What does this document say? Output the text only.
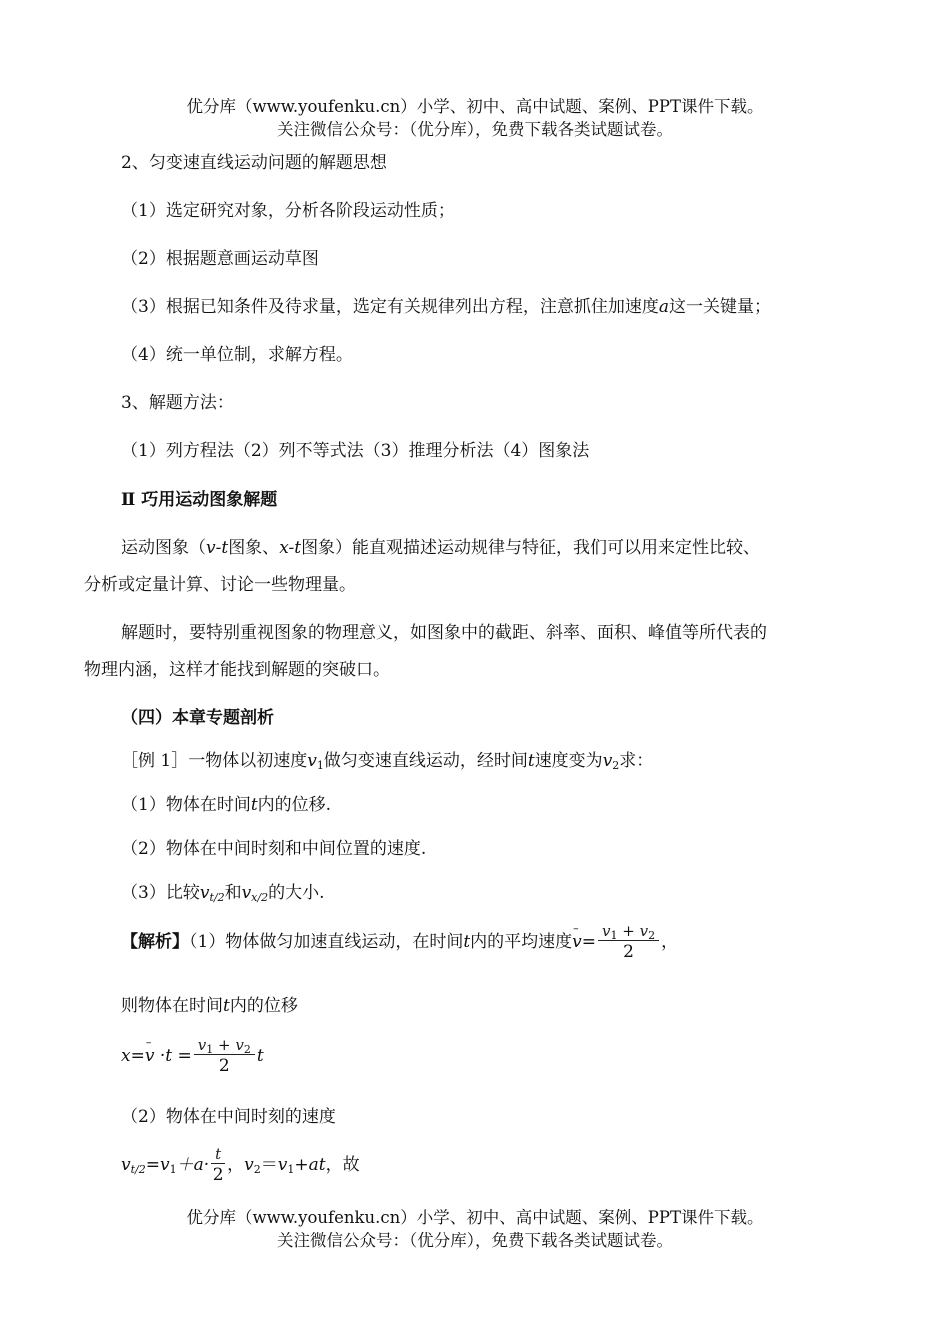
优分库（www.youfenku.cn）小学、初中、高中试题、案例、PPT课件下载。
关注微信公众号：（优分库），免费下载各类试题试卷。
2、匀变速直线运动问题的解题思想
（1）选定研究对象，分析各阶段运动性质；
（2）根据题意画运动草图
（3）根据已知条件及待求量，选定有关规律列出方程，注意抓住加速度a这一关键量；
（4）统一单位制，求解方程。
3、解题方法：
（1）列方程法（2）列不等式法（3）推理分析法（4）图象法
Ⅱ 巧用运动图象解题
运动图象（v-t图象、x-t图象）能直观描述运动规律与特征，我们可以用来定性比较、
分析或定量计算、讨论一些物理量。
解题时，要特别重视图象的物理意义，如图象中的截距、斜率、面积、峰值等所代表的
物理内涵，这样才能找到解题的突破口。
（四）本章专题剖析
［例 1］一物体以初速度$v_1$做匀变速直线运动，经时间t速度变为$v_2$求：
（1）物体在时间t内的位移.
（2）物体在中间时刻和中间位置的速度.
（3）比较$v_{t/2}$和$v_{x/2}$的大小.
【解析】（1）物体做匀加速直线运动，在时间t内的平均速度– $v= \frac{v_1 + v_2}{2}$ ，
则物体在时间t内的位移
x=– $v \cdot t = \frac{v_1 + v_2}{2}$ t
（2）物体在中间时刻的速度
$v_{t/2}=v_1+a\cdot \frac{t}{2}$ ，$v_2=v_1+at$，故
优分库（www.youfenku.cn）小学、初中、高中试题、案例、PPT课件下载。
关注微信公众号：（优分库），免费下载各类试题试卷。
